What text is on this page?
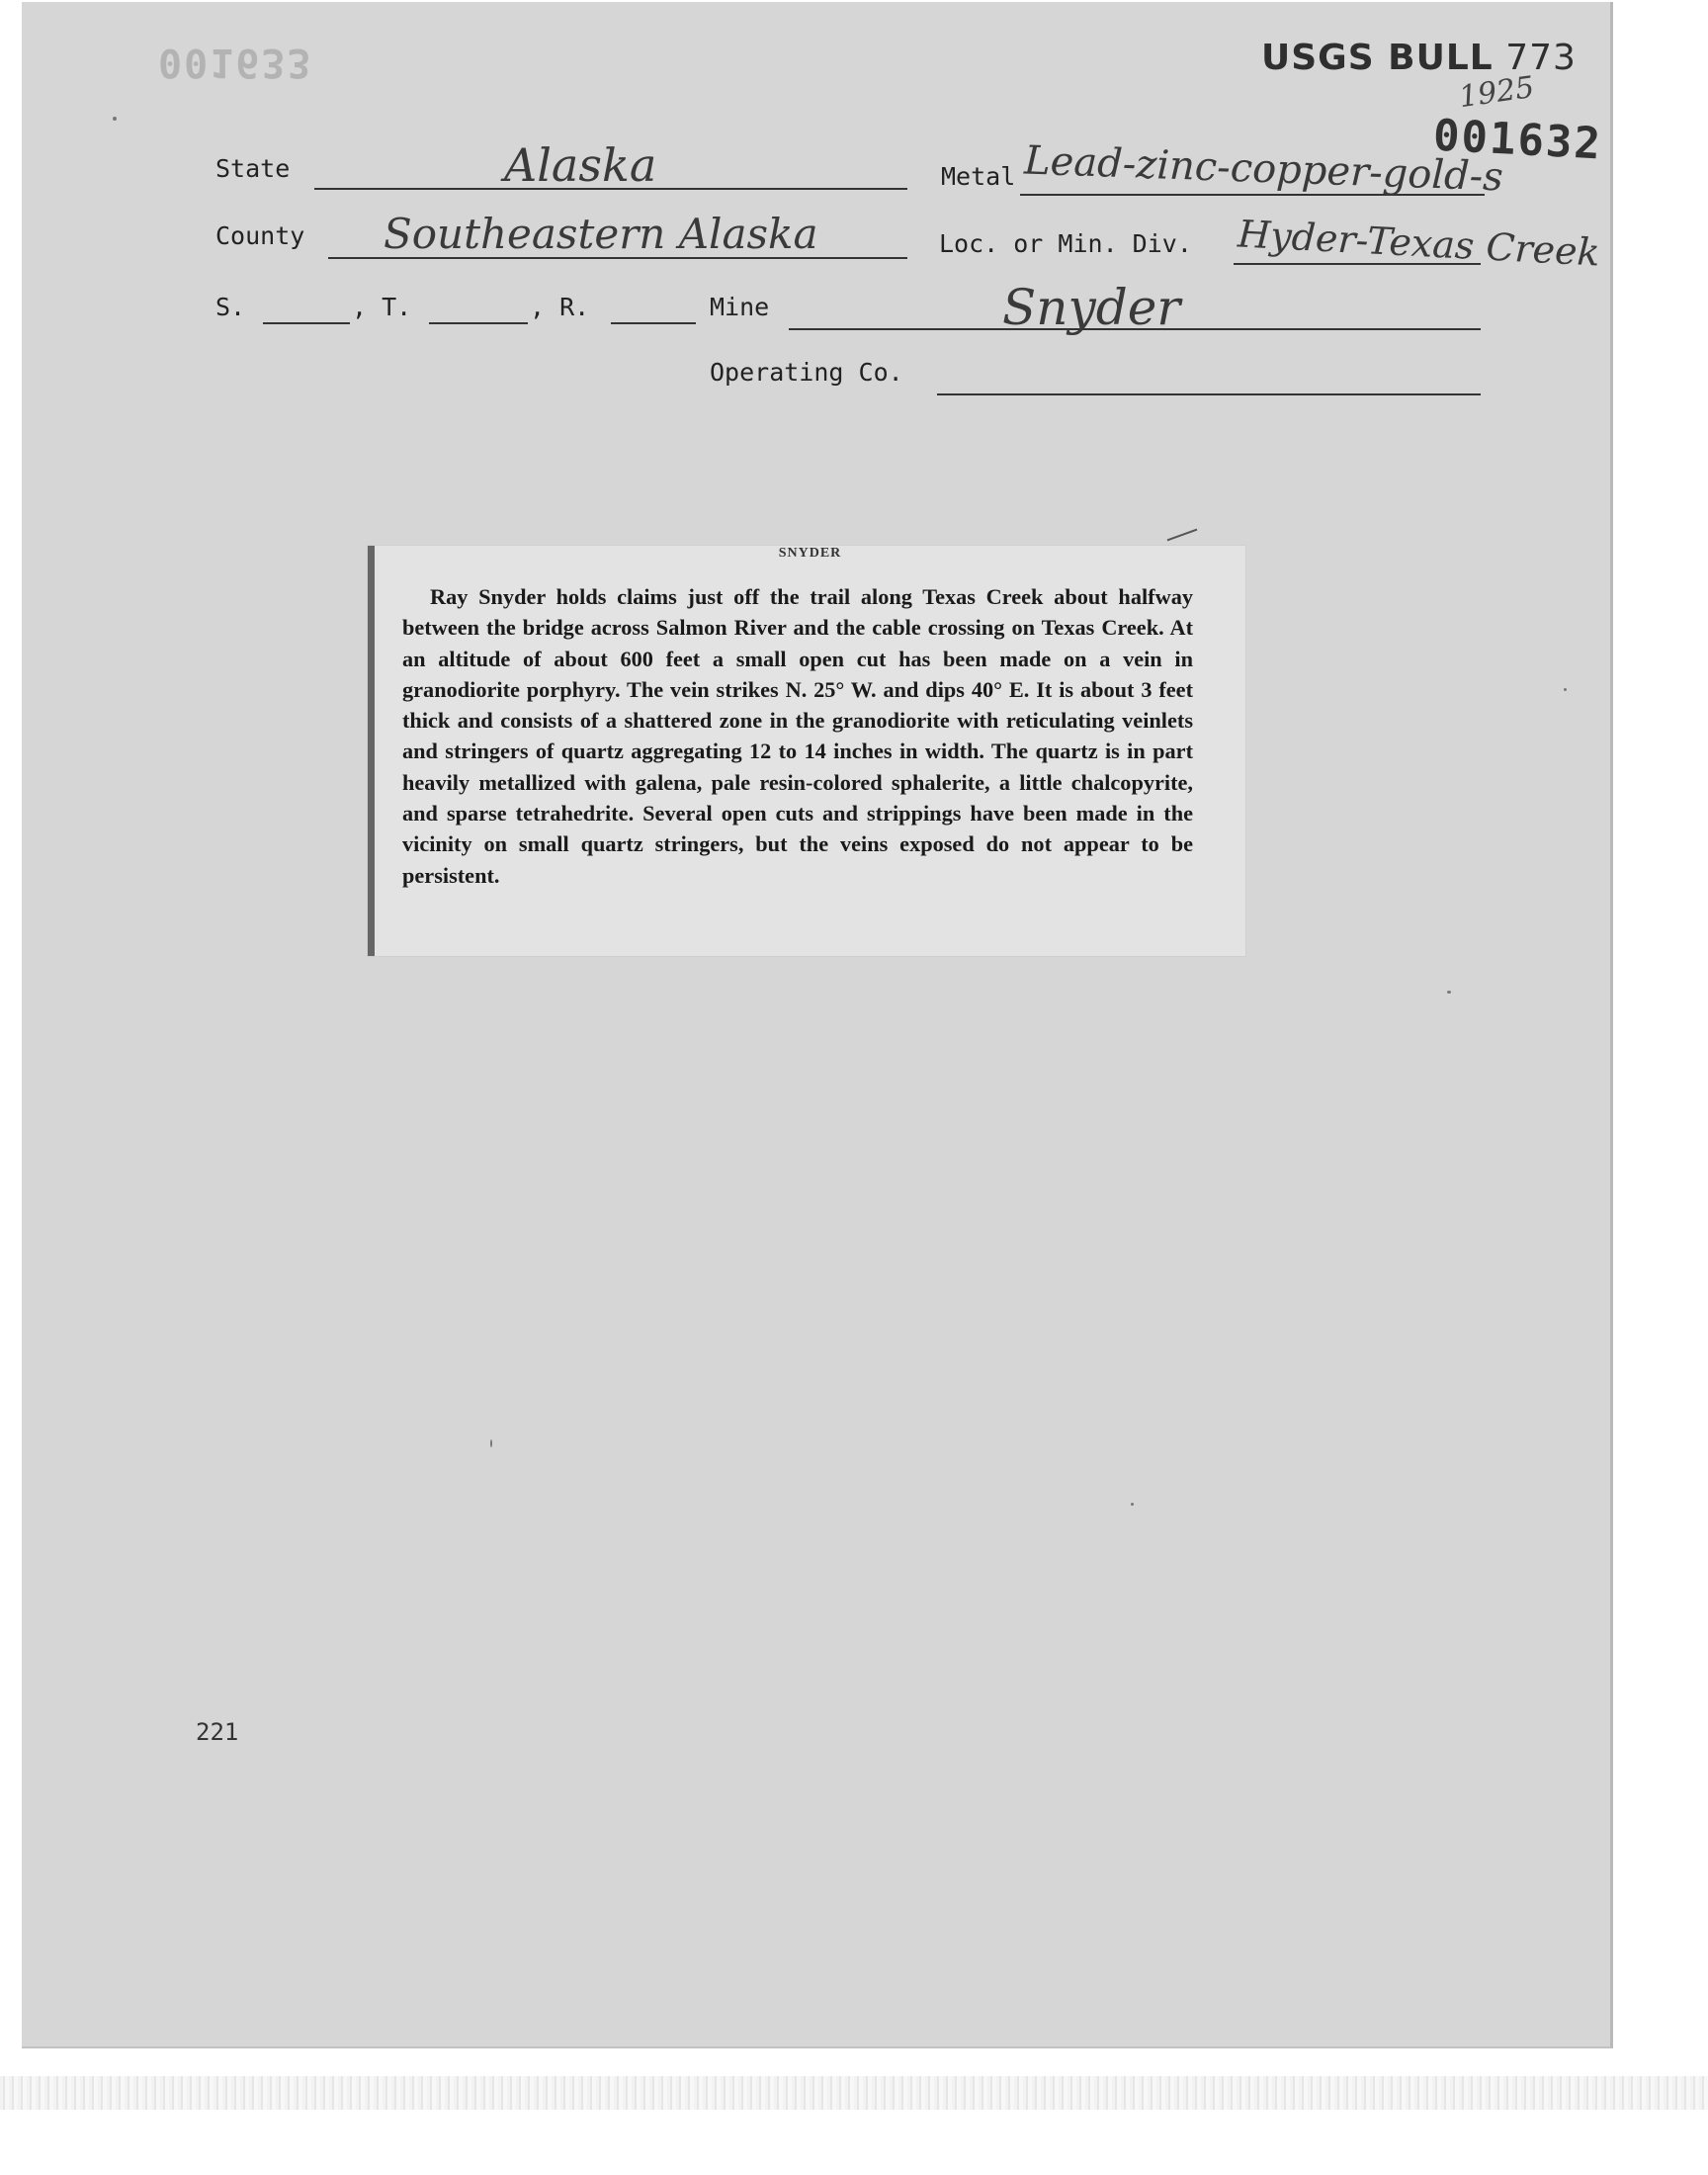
001633	USGS BULL 773
1925
001632
State	Alaska	Metal Lead-zinc-copper-gold-s
County Southeastern Alaska	Loc. or Min. Div. Hyder-Texas Creek
S.	, T.	, R.	Mine	Snyder
Operating Co.
SNYDER

Ray Snyder holds claims just off the trail along Texas Creek about halfway between the bridge across Salmon River and the cable crossing on Texas Creek. At an altitude of about 600 feet a small open cut has been made on a vein in granodiorite porphyry. The vein strikes N. 25° W. and dips 40° E. It is about 3 feet thick and consists of a shattered zone in the granodiorite with reticulating veinlets and stringers of quartz aggregating 12 to 14 inches in width. The quartz is in part heavily metallized with galena, pale resin-colored sphalerite, a little chalcopyrite, and sparse tetrahedrite. Several open cuts and strippings have been made in the vicinity on small quartz stringers, but the veins exposed do not appear to be persistent.

221
